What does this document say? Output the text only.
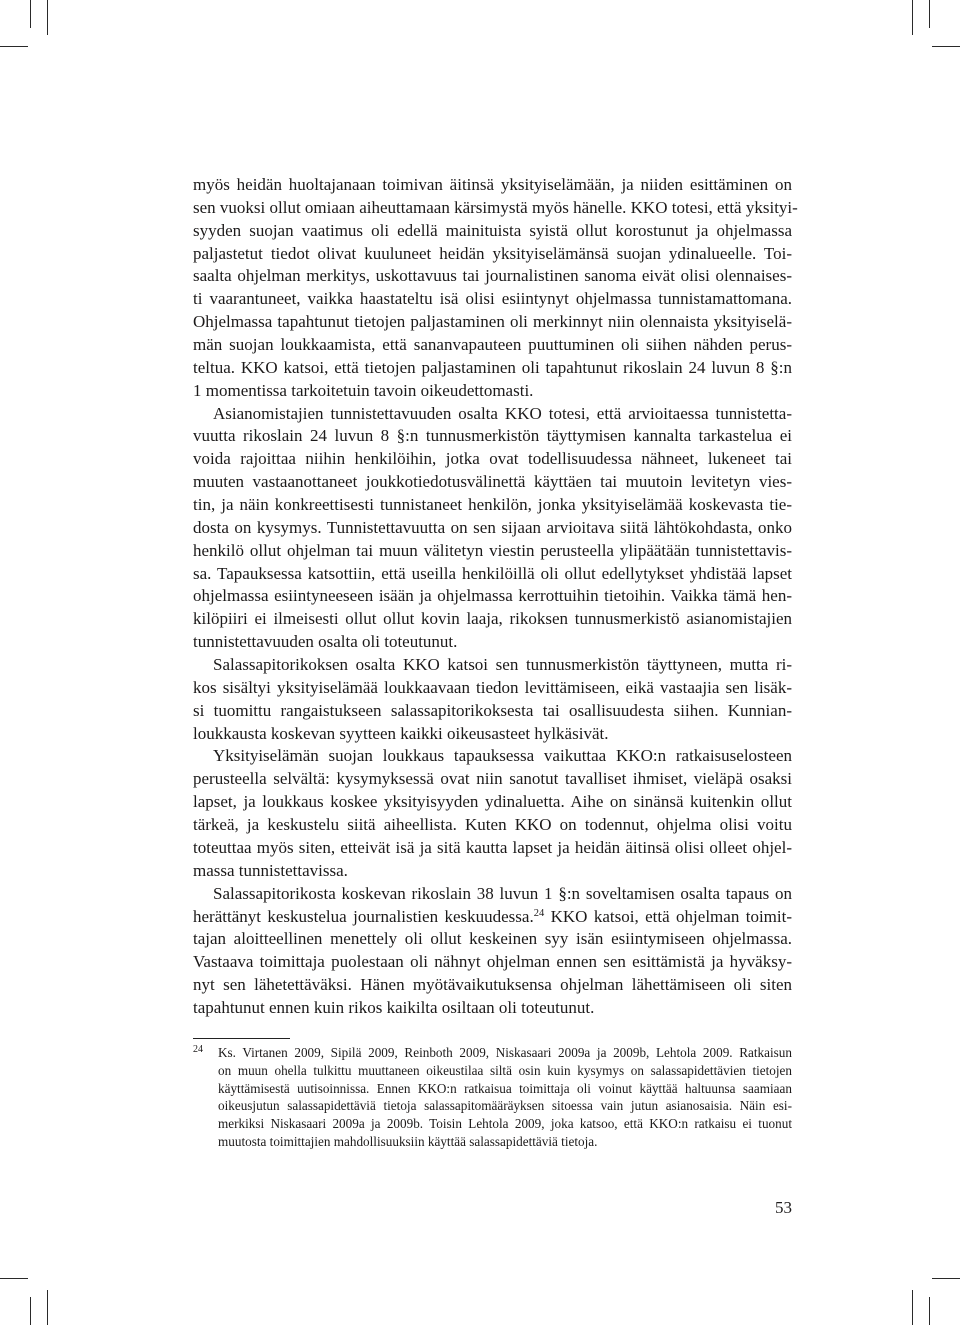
myös heidän huoltajanaan toimivan äitinsä yksityiselämään, ja niiden esittäminen on
sen vuoksi ollut omiaan aiheuttamaan kärsimystä myös hänelle. KKO totesi, että yksityi-
syyden suojan vaatimus oli edellä mainituista syistä ollut korostunut ja ohjelmassa
paljastetut tiedot olivat kuuluneet heidän yksityiselämänsä suojan ydinalueelle. Toi-
saalta ohjelman merkitys, uskottavuus tai journalistinen sanoma eivät olisi olennaises-
ti vaarantuneet, vaikka haastateltu isä olisi esiintynyt ohjelmassa tunnistamattomana.
Ohjelmassa tapahtunut tietojen paljastaminen oli merkinnyt niin olennaista yksityiselä-
män suojan loukkaamista, että sananvapauteen puuttuminen oli siihen nähden perus-
teltua. KKO katsoi, että tietojen paljastaminen oli tapahtunut rikoslain 24 luvun 8 §:n
1 momentissa tarkoitetuin tavoin oikeudettomasti.
Asianomistajien tunnistettavuuden osalta KKO totesi, että arvioitaessa tunnistetta-
vuutta rikoslain 24 luvun 8 §:n tunnusmerkistön täyttymisen kannalta tarkastelua ei
voida rajoittaa niihin henkilöihin, jotka ovat todellisuudessa nähneet, lukeneet tai
muuten vastaanottaneet joukkotiedotusvälinettä käyttäen tai muutoin levitetyn vies-
tin, ja näin konkreettisesti tunnistaneet henkilön, jonka yksityiselämää koskevasta tie-
dosta on kysymys. Tunnistettavuutta on sen sijaan arvioitava siitä lähtökohdasta, onko
henkilö ollut ohjelman tai muun välitetyn viestin perusteella ylipäätään tunnistettavis-
sa. Tapauksessa katsottiin, että useilla henkilöillä oli ollut edellytykset yhdistää lapset
ohjelmassa esiintyneeseen isään ja ohjelmassa kerrottuihin tietoihin. Vaikka tämä hen-
kilöpiiri ei ilmeisesti ollut ollut kovin laaja, rikoksen tunnusmerkistö asianomistajien
tunnistettavuuden osalta oli toteutunut.
Salassapitorikoksen osalta KKO katsoi sen tunnusmerkistön täyttyneen, mutta ri-
kos sisältyi yksityiselämää loukkaavaan tiedon levittämiseen, eikä vastaajia sen lisäk-
si tuomittu rangaistukseen salassapitorikoksesta tai osallisuudesta siihen. Kunnian-
loukkausta koskevan syytteen kaikki oikeusasteet hylkäsivät.
Yksityiselämän suojan loukkaus tapauksessa vaikuttaa KKO:n ratkaisuselosteen
perusteella selvältä: kysymyksessä ovat niin sanotut tavalliset ihmiset, vieläpä osaksi
lapset, ja loukkaus koskee yksityisyyden ydinaluetta. Aihe on sinänsä kuitenkin ollut
tärkeä, ja keskustelu siitä aiheellista. Kuten KKO on todennut, ohjelma olisi voitu
toteuttaa myös siten, etteivät isä ja sitä kautta lapset ja heidän äitinsä olisi olleet ohjel-
massa tunnistettavissa.
Salassapitorikosta koskevan rikoslain 38 luvun 1 §:n soveltamisen osalta tapaus on
herättänyt keskustelua journalistien keskuudessa.$^{24}$ KKO katsoi, että ohjelman toimit-
tajan aloitteellinen menettely oli ollut keskeinen syy isän esiintymiseen ohjelmassa.
Vastaava toimittaja puolestaan oli nähnyt ohjelman ennen sen esittämistä ja hyväksy-
nyt sen lähetettäväksi. Hänen myötävaikutuksensa ohjelman lähettämiseen oli siten
tapahtunut ennen kuin rikos kaikilta osiltaan oli toteutunut.
24 Ks. Virtanen 2009, Sipilä 2009, Reinboth 2009, Niskasaari 2009a ja 2009b, Lehtola 2009. Ratkaisun
on muun ohella tulkittu muuttaneen oikeustilaa siltä osin kuin kysymys on salassapidettävien tietojen
käyttämisestä uutisoinnissa. Ennen KKO:n ratkaisua toimittaja oli voinut käyttää haltuunsa saamiaan
oikeusjutun salassapidettäviä tietoja salassapitomääräyksen sitoessa vain jutun asianosaisia. Näin esi-
merkiksi Niskasaari 2009a ja 2009b. Toisin Lehtola 2009, joka katsoo, että KKO:n ratkaisu ei tuonut
muutosta toimittajien mahdollisuuksiin käyttää salassapidettäviä tietoja.
53
